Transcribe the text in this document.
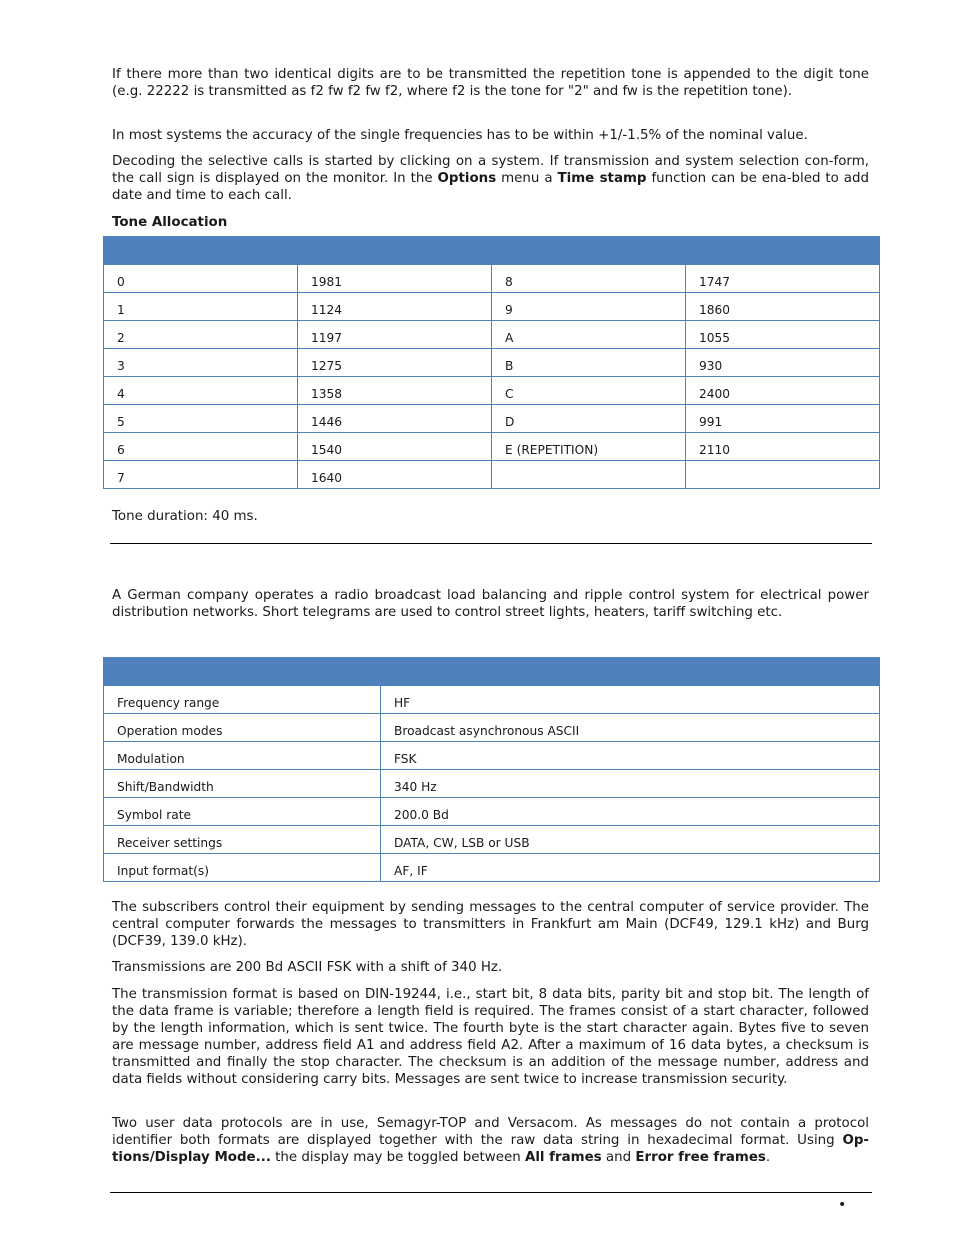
If there more than two identical digits are to be transmitted the repetition tone is appended to the digit tone (e.g. 22222 is transmitted as f2 fw f2 fw f2, where f2 is the tone for "2" and fw is the repetition tone).

In most systems the accuracy of the single frequencies has to be within +1/-1.5% of the nominal value.

Decoding the selective calls is started by clicking on a system. If transmission and system selection con-form, the call sign is displayed on the monitor. In the Options menu a Time stamp function can be ena-bled to add date and time to each call.

Tone Allocation

0	1981	8	1747
1	1124	9	1860
2	1197	A	1055
3	1275	B	930
4	1358	C	2400
5	1446	D	991
6	1540	E (REPETITION)	2110
7	1640		

Tone duration: 40 ms.

A German company operates a radio broadcast load balancing and ripple control system for electrical power distribution networks. Short telegrams are used to control street lights, heaters, tariff switching etc.

Frequency range	HF
Operation modes	Broadcast asynchronous ASCII
Modulation	FSK
Shift/Bandwidth	340 Hz
Symbol rate	200.0 Bd
Receiver settings	DATA, CW, LSB or USB
Input format(s)	AF, IF

The subscribers control their equipment by sending messages to the central computer of service provider. The central computer forwards the messages to transmitters in Frankfurt am Main (DCF49, 129.1 kHz) and Burg (DCF39, 139.0 kHz).

Transmissions are 200 Bd ASCII FSK with a shift of 340 Hz.

The transmission format is based on DIN-19244, i.e., start bit, 8 data bits, parity bit and stop bit. The length of the data frame is variable; therefore a length field is required. The frames consist of a start character, followed by the length information, which is sent twice. The fourth byte is the start character again. Bytes five to seven are message number, address field A1 and address field A2. After a maximum of 16 data bytes, a checksum is transmitted and finally the stop character. The checksum is an addition of the message number, address and data fields without considering carry bits. Messages are sent twice to increase transmission security.

Two user data protocols are in use, Semagyr-TOP and Versacom. As messages do not contain a protocol identifier both formats are displayed together with the raw data string in hexadecimal format. Using Op-tions/Display Mode... the display may be toggled between All frames and Error free frames.

•
